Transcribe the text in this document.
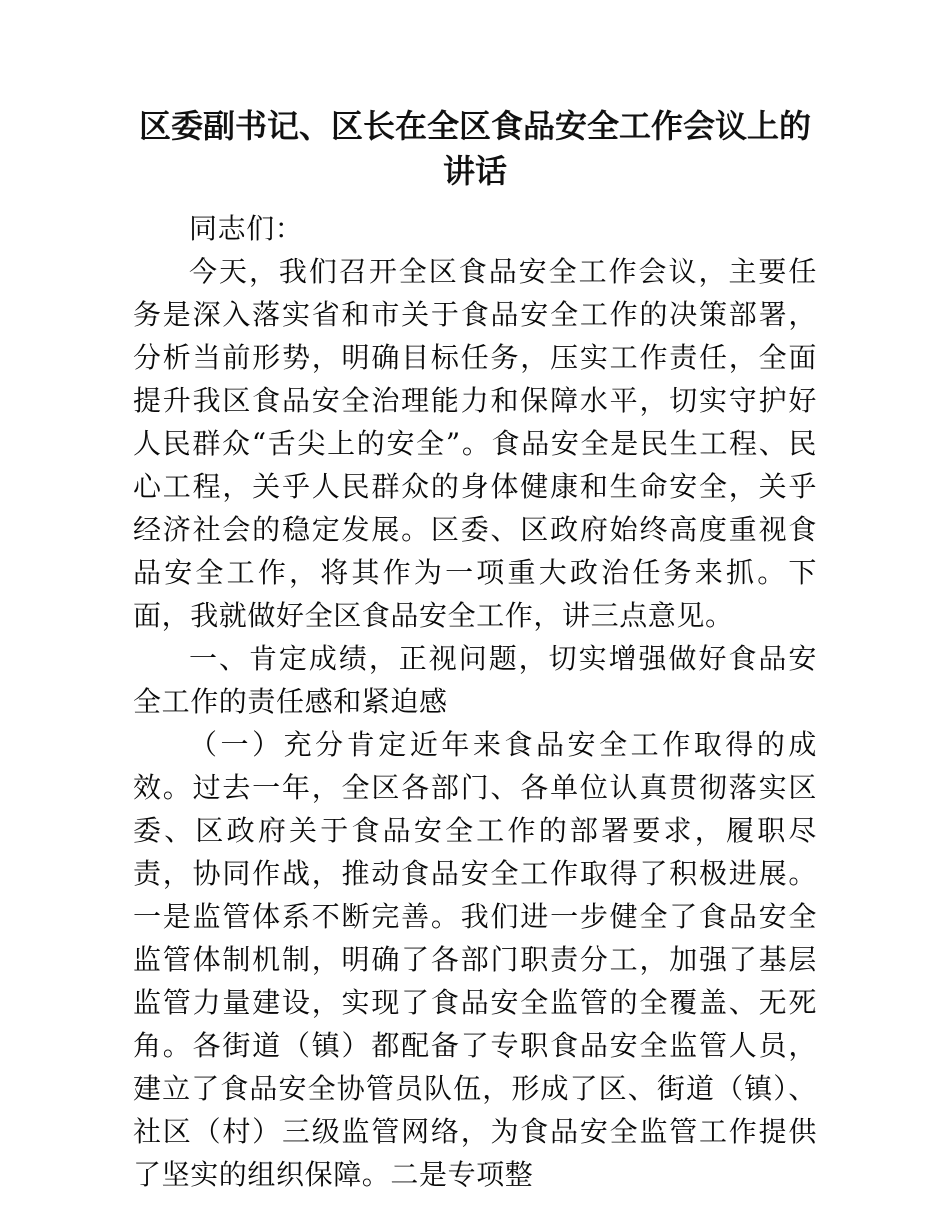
区委副书记、区长在全区食品安全工作会议上的讲话

同志们：

今天，我们召开全区食品安全工作会议，主要任务是深入落实省和市关于食品安全工作的决策部署，分析当前形势，明确目标任务，压实工作责任，全面提升我区食品安全治理能力和保障水平，切实守护好人民群众“舌尖上的安全”。食品安全是民生工程、民心工程，关乎人民群众的身体健康和生命安全，关乎经济社会的稳定发展。区委、区政府始终高度重视食品安全工作，将其作为一项重大政治任务来抓。下面，我就做好全区食品安全工作，讲三点意见。

一、肯定成绩，正视问题，切实增强做好食品安全工作的责任感和紧迫感

（一）充分肯定近年来食品安全工作取得的成效。过去一年，全区各部门、各单位认真贯彻落实区委、区政府关于食品安全工作的部署要求，履职尽责，协同作战，推动食品安全工作取得了积极进展。一是监管体系不断完善。我们进一步健全了食品安全监管体制机制，明确了各部门职责分工，加强了基层监管力量建设，实现了食品安全监管的全覆盖、无死角。各街道（镇）都配备了专职食品安全监管人员，建立了食品安全协管员队伍，形成了区、街道（镇）、社区（村）三级监管网络，为食品安全监管工作提供了坚实的组织保障。二是专项整
